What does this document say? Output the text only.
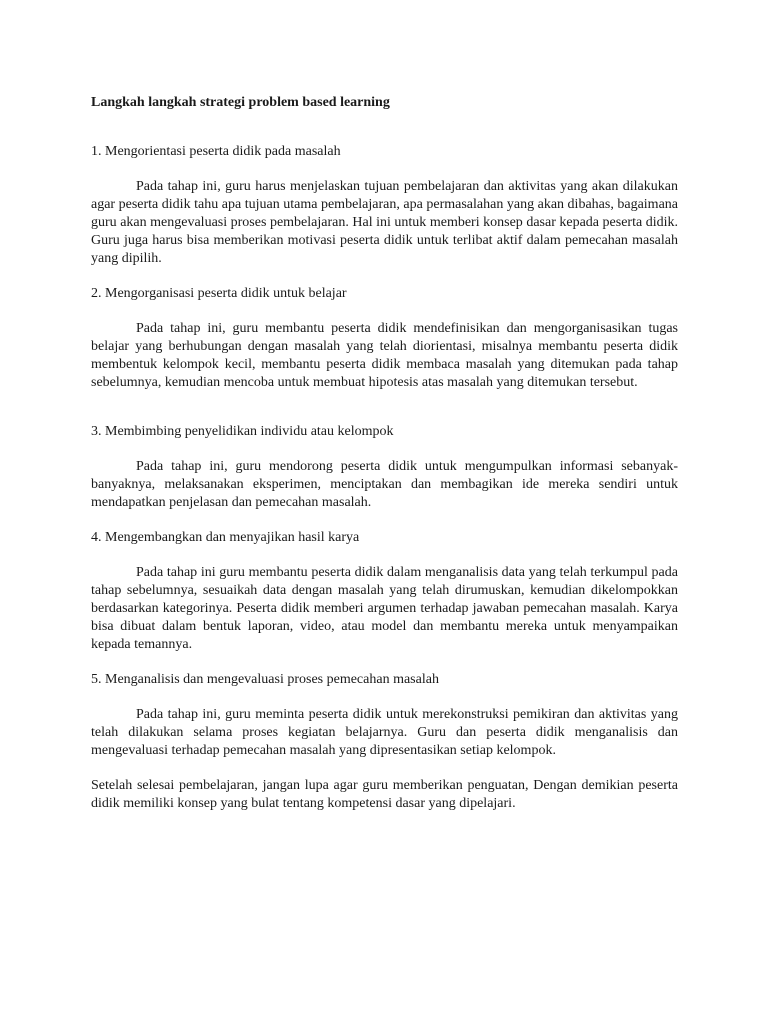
Langkah langkah strategi problem based learning

1. Mengorientasi peserta didik pada masalah

Pada tahap ini, guru harus menjelaskan tujuan pembelajaran dan aktivitas yang akan dilakukan agar peserta didik tahu apa tujuan utama pembelajaran, apa permasalahan yang akan dibahas, bagaimana guru akan mengevaluasi proses pembelajaran. Hal ini untuk memberi konsep dasar kepada peserta didik. Guru juga harus bisa memberikan motivasi peserta didik untuk terlibat aktif dalam pemecahan masalah yang dipilih.

2. Mengorganisasi peserta didik untuk belajar

Pada tahap ini, guru membantu peserta didik mendefinisikan dan mengorganisasikan tugas belajar yang berhubungan dengan masalah yang telah diorientasi, misalnya membantu peserta didik membentuk kelompok kecil, membantu peserta didik membaca masalah yang ditemukan pada tahap sebelumnya, kemudian mencoba untuk membuat hipotesis atas masalah yang ditemukan tersebut.

3. Membimbing penyelidikan individu atau kelompok

Pada tahap ini, guru mendorong peserta didik untuk mengumpulkan informasi sebanyak-banyaknya, melaksanakan eksperimen, menciptakan dan membagikan ide mereka sendiri untuk mendapatkan penjelasan dan pemecahan masalah.

4. Mengembangkan dan menyajikan hasil karya

Pada tahap ini guru membantu peserta didik dalam menganalisis data yang telah terkumpul pada tahap sebelumnya, sesuaikah data dengan masalah yang telah dirumuskan, kemudian dikelompokkan berdasarkan kategorinya. Peserta didik memberi argumen terhadap jawaban pemecahan masalah. Karya bisa dibuat dalam bentuk laporan, video, atau model dan membantu mereka untuk menyampaikan kepada temannya.

5. Menganalisis dan mengevaluasi proses pemecahan masalah

Pada tahap ini, guru meminta peserta didik untuk merekonstruksi pemikiran dan aktivitas yang telah dilakukan selama proses kegiatan belajarnya. Guru dan peserta didik menganalisis dan mengevaluasi terhadap pemecahan masalah yang dipresentasikan setiap kelompok.

Setelah selesai pembelajaran, jangan lupa agar guru memberikan penguatan, Dengan demikian peserta didik memiliki konsep yang bulat tentang kompetensi dasar yang dipelajari.
